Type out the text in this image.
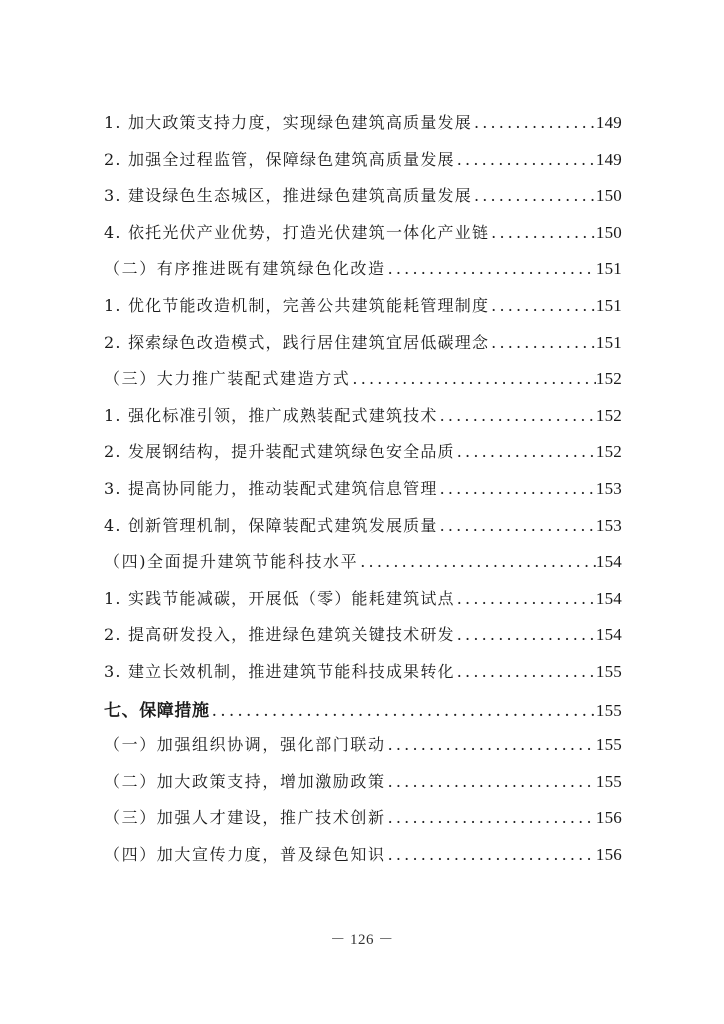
1. 加大政策支持力度，实现绿色建筑高质量发展 .....	149
2. 加强全过程监管，保障绿色建筑高质量发展 .....	149
3. 建设绿色生态城区，推进绿色建筑高质量发展 .....	150
4. 依托光伏产业优势，打造光伏建筑一体化产业链 .....	150
（二）有序推进既有建筑绿色化改造 .....	151
1. 优化节能改造机制，完善公共建筑能耗管理制度 .....	151
2. 探索绿色改造模式，践行居住建筑宜居低碳理念 .....	151
（三）大力推广装配式建造方式 .....	152
1. 强化标准引领，推广成熟装配式建筑技术 .....	152
2. 发展钢结构，提升装配式建筑绿色安全品质 .....	152
3. 提高协同能力，推动装配式建筑信息管理 .....	153
4. 创新管理机制，保障装配式建筑发展质量 .....	153
（四)全面提升建筑节能科技水平 .....	154
1. 实践节能减碳，开展低（零）能耗建筑试点 .....	154
2. 提高研发投入，推进绿色建筑关键技术研发 .....	154
3. 建立长效机制，推进建筑节能科技成果转化 .....	155
七、保障措施 .....	155
（一）加强组织协调，强化部门联动 .....	155
（二）加大政策支持，增加激励政策 .....	155
（三）加强人才建设，推广技术创新 .....	156
（四）加大宣传力度，普及绿色知识 .....	156
－ 126 －
